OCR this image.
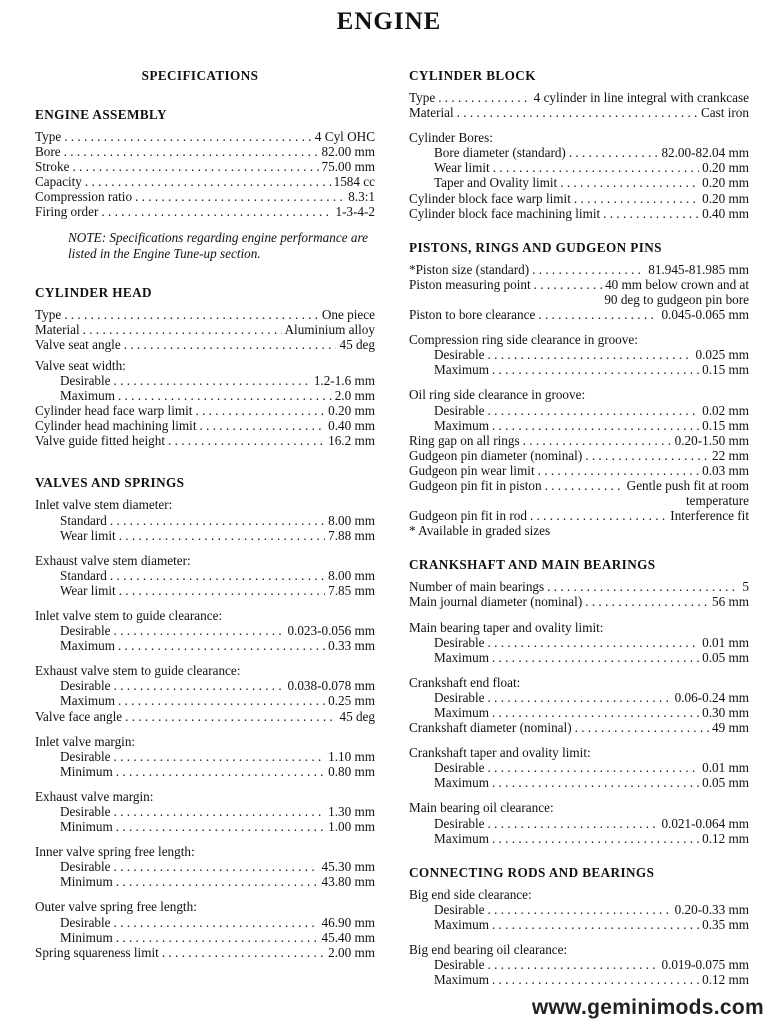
ENGINE
SPECIFICATIONS
ENGINE ASSEMBLY
Type . . .	4 Cyl OHC
Bore . . .	82.00 mm
Stroke . . .	75.00 mm
Capacity . . .	1584 cc
Compression ratio . . .	8.3:1
Firing order . . .	1-3-4-2
NOTE: Specifications regarding engine performance are listed in the Engine Tune-up section.
CYLINDER HEAD
Type . . .	One piece
Material . . .	Aluminium alloy
Valve seat angle . . .	45 deg
Valve seat width:
Desirable . . .	1.2-1.6 mm
Maximum . . .	2.0 mm
Cylinder head face warp limit . . .	0.20 mm
Cylinder head machining limit . . .	0.40 mm
Valve guide fitted height . . .	16.2 mm
VALVES AND SPRINGS
Inlet valve stem diameter:
Standard . . .	8.00 mm
Wear limit . . .	7.88 mm
Exhaust valve stem diameter:
Standard . . .	8.00 mm
Wear limit . . .	7.85 mm
Inlet valve stem to guide clearance:
Desirable . . .	0.023-0.056 mm
Maximum . . .	0.33 mm
Exhaust valve stem to guide clearance:
Desirable . . .	0.038-0.078 mm
Maximum . . .	0.25 mm
Valve face angle . . .	45 deg
Inlet valve margin:
Desirable . . .	1.10 mm
Minimum . . .	0.80 mm
Exhaust valve margin:
Desirable . . .	1.30 mm
Minimum . . .	1.00 mm
Inner valve spring free length:
Desirable . . .	45.30 mm
Minimum . . .	43.80 mm
Outer valve spring free length:
Desirable . . .	46.90 mm
Minimum . . .	45.40 mm
Spring squareness limit . . .	2.00 mm
CYLINDER BLOCK
Type . . .	4 cylinder in line integral with crankcase
Material . . .	Cast iron
Cylinder Bores:
Bore diameter (standard) . . .	82.00-82.04 mm
Wear limit . . .	0.20 mm
Taper and Ovality limit . . .	0.20 mm
Cylinder block face warp limit . . .	0.20 mm
Cylinder block face machining limit . . .	0.40 mm
PISTONS, RINGS AND GUDGEON PINS
*Piston size (standard) . . .	81.945-81.985 mm
Piston measuring point . . .	40 mm below crown and at
90 deg to gudgeon pin bore
Piston to bore clearance . . .	0.045-0.065 mm
Compression ring side clearance in groove:
Desirable . . .	0.025 mm
Maximum . . .	0.15 mm
Oil ring side clearance in groove:
Desirable . . .	0.02 mm
Maximum . . .	0.15 mm
Ring gap on all rings . . .	0.20-1.50 mm
Gudgeon pin diameter (nominal) . . .	22 mm
Gudgeon pin wear limit . . .	0.03 mm
Gudgeon pin fit in piston . . .	Gentle push fit at room
temperature
Gudgeon pin fit in rod . . .	Interference fit
* Available in graded sizes
CRANKSHAFT AND MAIN BEARINGS
Number of main bearings . . .	5
Main journal diameter (nominal) . . .	56 mm
Main bearing taper and ovality limit:
Desirable . . .	0.01 mm
Maximum . . .	0.05 mm
Crankshaft end float:
Desirable . . .	0.06-0.24 mm
Maximum . . .	0.30 mm
Crankshaft diameter (nominal) . . .	49 mm
Crankshaft taper and ovality limit:
Desirable . . .	0.01 mm
Maximum . . .	0.05 mm
Main bearing oil clearance:
Desirable . . .	0.021-0.064 mm
Maximum . . .	0.12 mm
CONNECTING RODS AND BEARINGS
Big end side clearance:
Desirable . . .	0.20-0.33 mm
Maximum . . .	0.35 mm
Big end bearing oil clearance:
Desirable . . .	0.019-0.075 mm
Maximum . . .	0.12 mm
www.geminimods.com
